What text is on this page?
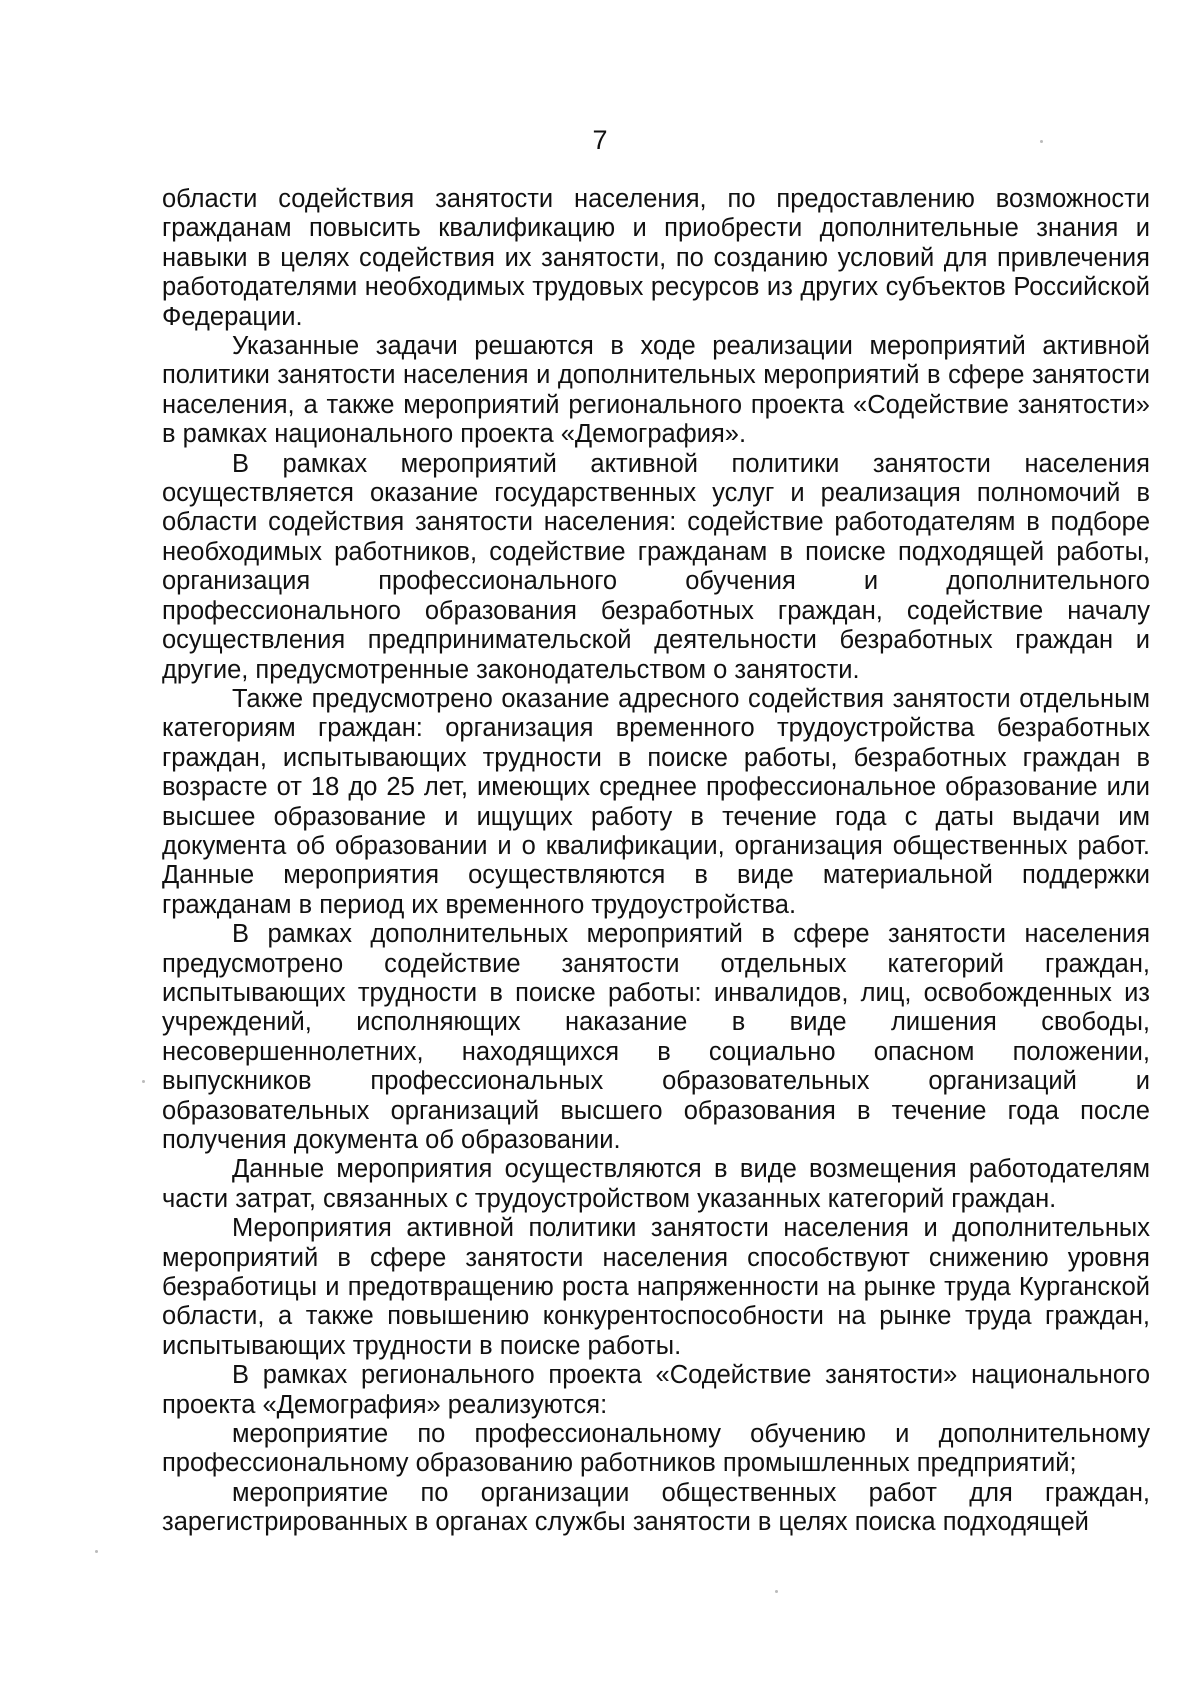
7

области содействия занятости населения, по предоставлению возможности гражданам повысить квалификацию и приобрести дополнительные знания и навыки в целях содействия их занятости, по созданию условий для привлечения работодателями необходимых трудовых ресурсов из других субъектов Российской Федерации.

Указанные задачи решаются в ходе реализации мероприятий активной политики занятости населения и дополнительных мероприятий в сфере занятости населения, а также мероприятий регионального проекта «Содействие занятости» в рамках национального проекта «Демография».

В рамках мероприятий активной политики занятости населения осуществляется оказание государственных услуг и реализация полномочий в области содействия занятости населения: содействие работодателям в подборе необходимых работников, содействие гражданам в поиске подходящей работы, организация профессионального обучения и дополнительного профессионального образования безработных граждан, содействие началу осуществления предпринимательской деятельности безработных граждан и другие, предусмотренные законодательством о занятости.

Также предусмотрено оказание адресного содействия занятости отдельным категориям граждан: организация временного трудоустройства безработных граждан, испытывающих трудности в поиске работы, безработных граждан в возрасте от 18 до 25 лет, имеющих среднее профессиональное образование или высшее образование и ищущих работу в течение года с даты выдачи им документа об образовании и о квалификации, организация общественных работ. Данные мероприятия осуществляются в виде материальной поддержки гражданам в период их временного трудоустройства.

В рамках дополнительных мероприятий в сфере занятости населения предусмотрено содействие занятости отдельных категорий граждан, испытывающих трудности в поиске работы: инвалидов, лиц, освобожденных из учреждений, исполняющих наказание в виде лишения свободы, несовершеннолетних, находящихся в социально опасном положении, выпускников профессиональных образовательных организаций и образовательных организаций высшего образования в течение года после получения документа об образовании.

Данные мероприятия осуществляются в виде возмещения работодателям части затрат, связанных с трудоустройством указанных категорий граждан.

Мероприятия активной политики занятости населения и дополнительных мероприятий в сфере занятости населения способствуют снижению уровня безработицы и предотвращению роста напряженности на рынке труда Курганской области, а также повышению конкурентоспособности на рынке труда граждан, испытывающих трудности в поиске работы.

В рамках регионального проекта «Содействие занятости» национального проекта «Демография» реализуются:

мероприятие по профессиональному обучению и дополнительному профессиональному образованию работников промышленных предприятий;

мероприятие по организации общественных работ для граждан, зарегистрированных в органах службы занятости в целях поиска подходящей
